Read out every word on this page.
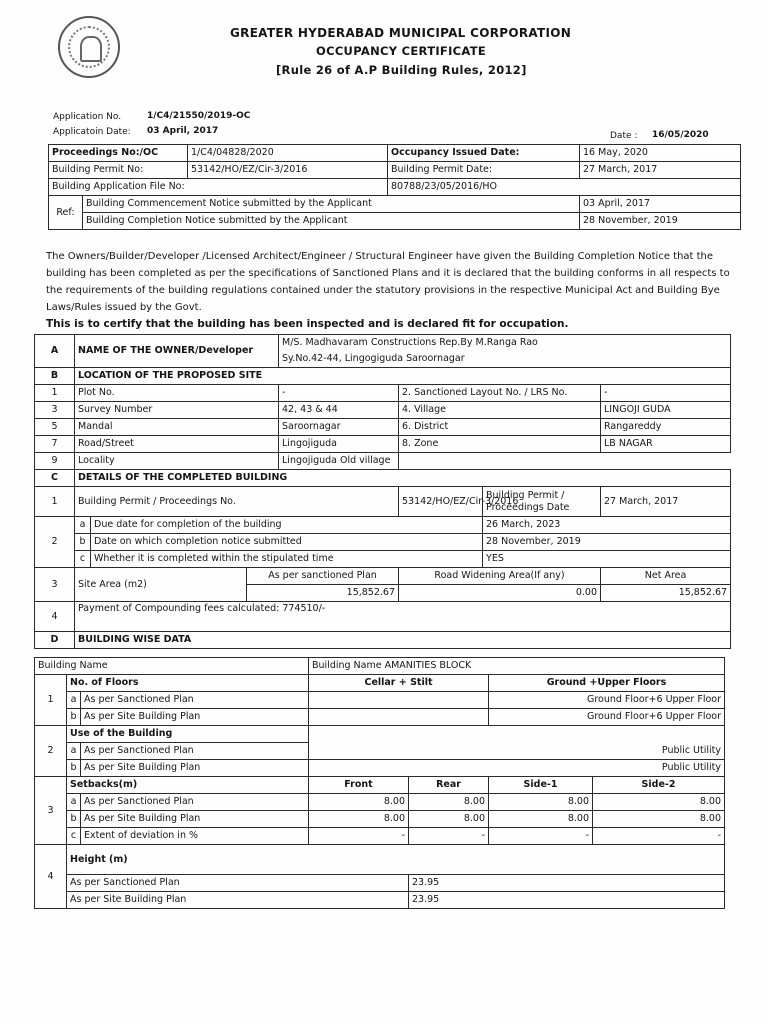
GREATER HYDERABAD MUNICIPAL CORPORATION
OCCUPANCY CERTIFICATE
[Rule 26 of A.P Building Rules, 2012]
Application No.	1/C4/21550/2019-OC
Applicatoin Date: 03 April, 2017	Date : 16/05/2020
Proceedings No:/OC		1/C4/04828/2020	Occupancy Issued Date:	16 May, 2020
Building Permit No:		53142/HO/EZ/Cir-3/2016	Building Permit Date:	27 March, 2017
Building Application File No:			80788/23/05/2016/HO	
Ref:	Building Commencement Notice submitted by the Applicant			03 April, 2017
	Building Completion Notice submitted by the Applicant			28 November, 2019
The Owners/Builder/Developer /Licensed Architect/Engineer / Structural Engineer have given the Building Completion Notice that the building has been completed as per the specifications of Sanctioned Plans and it is declared that the building conforms in all respects to the requirements of the building regulations contained under the statutory provisions in the respective Municipal Act and Building Bye Laws/Rules issued by the Govt.
This is to certify that the building has been inspected and is declared fit for occupation.
A	NAME OF THE OWNER/Developer			M/S. Madhavaram Constructions Rep.By M.Ranga Rao			
				Sy.No.42-44, Lingogiguda Saroornagar			
B	LOCATION OF THE PROPOSED SITE						
1	Plot No.			-	2. Sanctioned Layout No. / LRS No.		-
3	Survey Number			42, 43 & 44	4. Village		LINGOJI GUDA
5	Mandal			Saroornagar	6. District		Rangareddy
7	Road/Street			Lingojiguda	8. Zone		LB NAGAR
9	Locality			Lingojiguda Old village			
C	DETAILS OF THE COMPLETED BUILDING						
1	Building Permit / Proceedings No.				53142/HO/EZ/Cir-3/2016	Building Permit / Proceedings Date	27 March, 2017
2	a	Due date for completion of the building				26 March, 2023	
	b	Date on which completion notice submitted				28 November, 2019	
	c	Whether it is completed within the stipulated time				YES	
3	Site Area (m2)		As per sanctioned Plan		Road Widening Area(If any)		Net Area
			15,852.67		0.00		15,852.67
4	Payment of Compounding fees calculated: 774510/-						
D	BUILDING WISE DATA						
Building Name			Building Name AMANITIES BLOCK			
1	No. of Floors		Cellar + Stilt		Ground +Upper Floors	
	a	As per Sanctioned Plan			Ground Floor+6 Upper Floor	
	b	As per Site Building Plan			Ground Floor+6 Upper Floor	
2	Use of the Building					
	a	As per Sanctioned Plan	Public Utility			
	b	As per Site Building Plan	Public Utility			
3	Setbacks(m)		Front	Rear	Side-1	Side-2
	a	As per Sanctioned Plan	8.00	8.00	8.00	8.00
	b	As per Site Building Plan	8.00	8.00	8.00	8.00
	c	Extent of deviation in %	-	-	-	-
4	Height (m)					
	As per Sanctioned Plan			23.95		
	As per Site Building Plan			23.95		
